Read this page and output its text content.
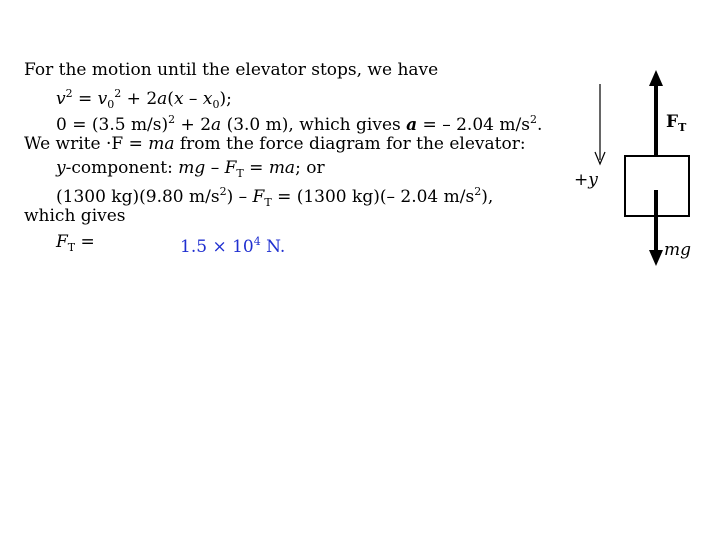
For the motion until the elevator stops, we have
$v^2 = v_0^2 + 2a(x - x_0)$;
0 = (3.5 m/s)$^2$ + 2a (3.0 m), which gives a = – 2.04 $m/s^2$.
We write ·F = ma from the force diagram for the elevator:
y-component: mg – $F_T$ = ma; or
(1300 kg)(9.80 $m/s^2) - F_T = (1300$ kg)(– 2.04 $m/s^2$),
which gives
$F_T$ =	$1.5 \times 10^4$ N.
$F_T$
+y
mg
